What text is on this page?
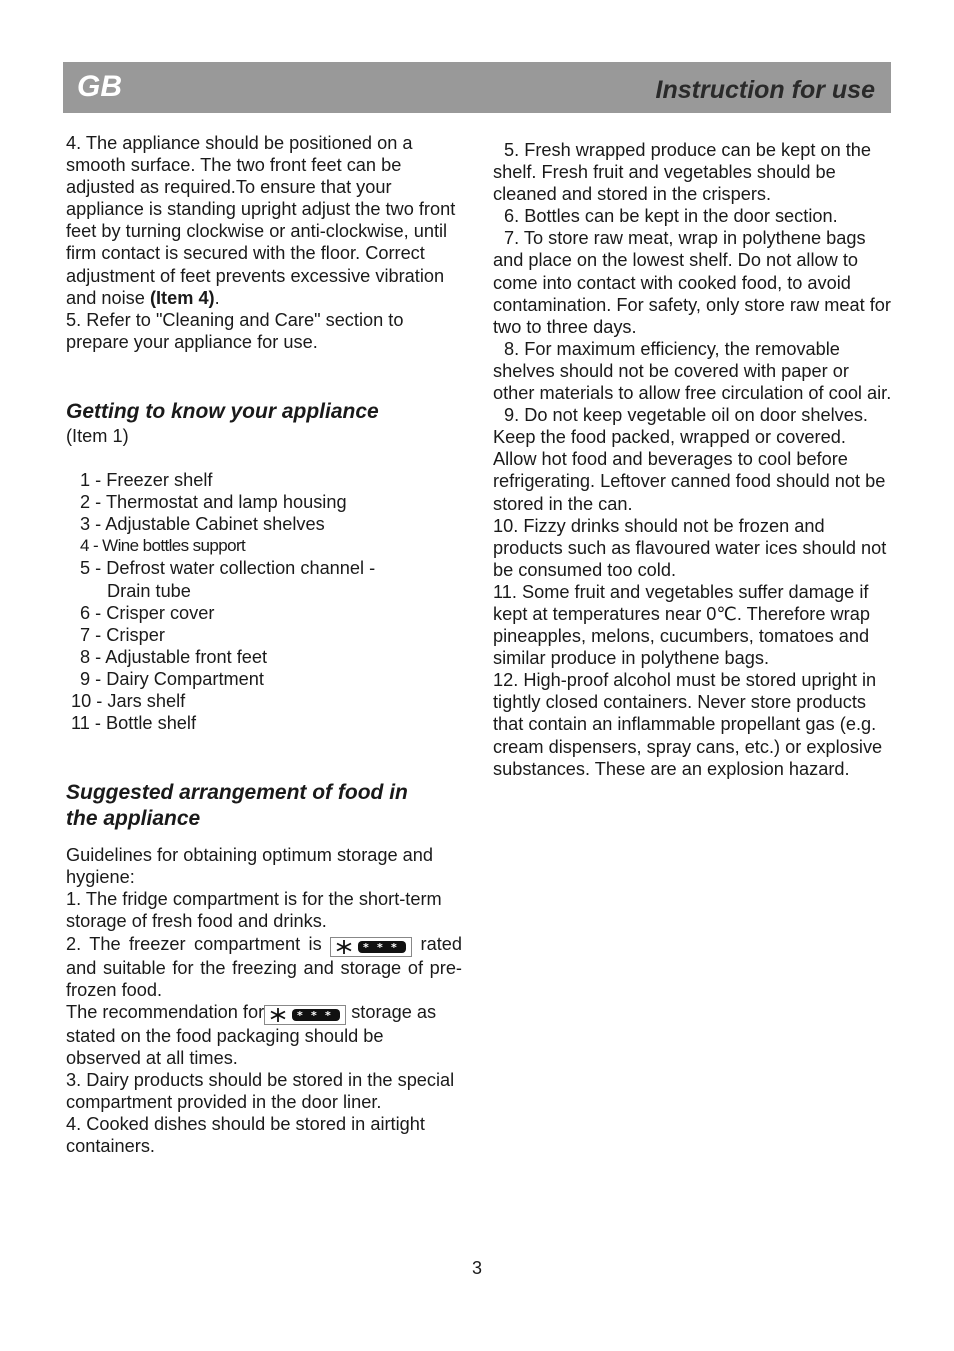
GB	Instruction for use

4. The appliance should be positioned on a smooth surface. The two front feet can be adjusted as required.To ensure that your appliance is standing upright adjust the two front feet by turning clockwise or anti-clockwise, until firm contact is secured with the floor. Correct adjustment of feet prevents excessive vibration and noise (Item 4).

5. Refer to "Cleaning and Care" section to prepare your appliance for use.

Getting to know your appliance

(Item 1)

1 - Freezer shelf

2 - Thermostat and lamp housing

3 - Adjustable Cabinet shelves

4 - Wine bottles support

5 - Defrost water collection channel -

Drain tube

6 - Crisper cover

7 - Crisper

8 - Adjustable front feet

9 - Dairy Compartment

10 - Jars shelf

11 - Bottle shelf

Suggested arrangement of food in
the appliance

Guidelines for obtaining optimum storage and hygiene:

1. The fridge compartment is for the short-term storage of fresh food and drinks.

2. The freezer compartment is	* * * rated and suitable for the freezing and storage of pre-frozen food.

The recommendation for	* * * storage as stated on the food packaging should be observed at all times.

3. Dairy products should be stored in the special compartment provided in the door liner.

4. Cooked dishes should be stored in airtight containers.

5. Fresh wrapped produce can be kept on the shelf. Fresh fruit and vegetables should be cleaned and stored in the crispers.

6. Bottles can be kept in the door section.

7. To store raw meat, wrap in polythene bags and place on the lowest shelf. Do not allow to come into contact with cooked food, to avoid contamination. For safety, only store raw meat for two to three days.

8. For maximum efficiency, the removable shelves should not be covered with paper or other materials to allow free circulation of cool air.

9. Do not keep vegetable oil on door shelves. Keep the food packed, wrapped or covered. Allow hot food and beverages to cool before refrigerating. Leftover canned food should not be stored in the can.

10. Fizzy drinks should not be frozen and products such as flavoured water ices should not be consumed too cold.

11. Some fruit and vegetables suffer damage if kept at temperatures near 0℃. Therefore wrap pineapples, melons, cucumbers, tomatoes and similar produce in polythene bags.

12. High-proof alcohol must be stored upright in tightly closed containers. Never store products that contain an inflammable propellant gas (e.g. cream dispensers, spray cans, etc.) or explosive substances. These are an explosion hazard.

3
